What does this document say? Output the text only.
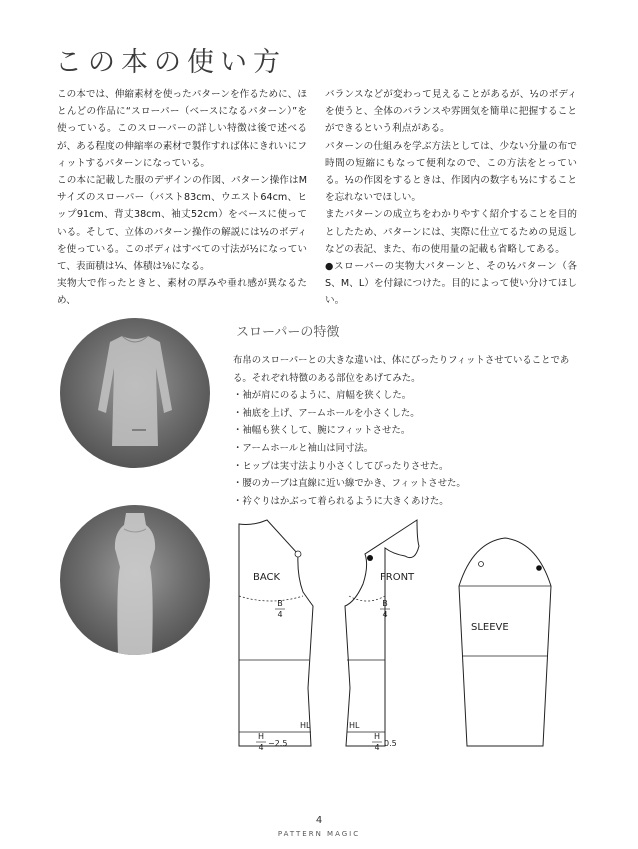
この本の使い方

この本では、伸縮素材を使ったパターンを作るために、ほとんどの作品に“スローパー（ベースになるパターン）”を使っている。このスローパーの詳しい特徴は後で述べるが、ある程度の伸縮率の素材で製作すれば体にきれいにフィットするパターンになっている。

この本に記載した服のデザインの作図、パターン操作はMサイズのスローパー（バスト83cm、ウエスト64cm、ヒップ91cm、背丈38cm、袖丈52cm）をベースに使っている。そして、立体のパターン操作の解説には½のボディを使っている。このボディはすべての寸法が½になっていて、表面積は¼、体積は⅛になる。

実物大で作ったときと、素材の厚みや垂れ感が異なるため、

バランスなどが変わって見えることがあるが、½のボディを使うと、全体のバランスや雰囲気を簡単に把握することができるという利点がある。

パターンの仕組みを学ぶ方法としては、少ない分量の布で時間の短縮にもなって便利なので、この方法をとっている。½の作図をするときは、作図内の数字も½にすることを忘れないでほしい。

またパターンの成立ちをわかりやすく紹介することを目的としたため、パターンには、実際に仕立てるための見返しなどの表記、また、布の使用量の記載も省略してある。

●スローパーの実物大パターンと、その½パターン（各S、M、L）を付録につけた。目的によって使い分けてほしい。

スローパーの特徴

布帛のスローパーとの大きな違いは、体にぴったりフィットさせていることである。それぞれ特徴のある部位をあげてみた。

・袖が肩にのるように、肩幅を狭くした。
・袖底を上げ、アームホールを小さくした。
・袖幅も狭くして、腕にフィットさせた。
・アームホールと袖山は同寸法。
・ヒップは実寸法より小さくしてぴったりさせた。
・腰のカーブは直線に近い線でかき、フィットさせた。
・衿ぐりはかぶって着られるように大きくあけた。
BACK	FRONT
SLEEVE
B
4
B
4
H
4
H
4
−2.5	0.5
HL	HL

4

PATTERN MAGIC
